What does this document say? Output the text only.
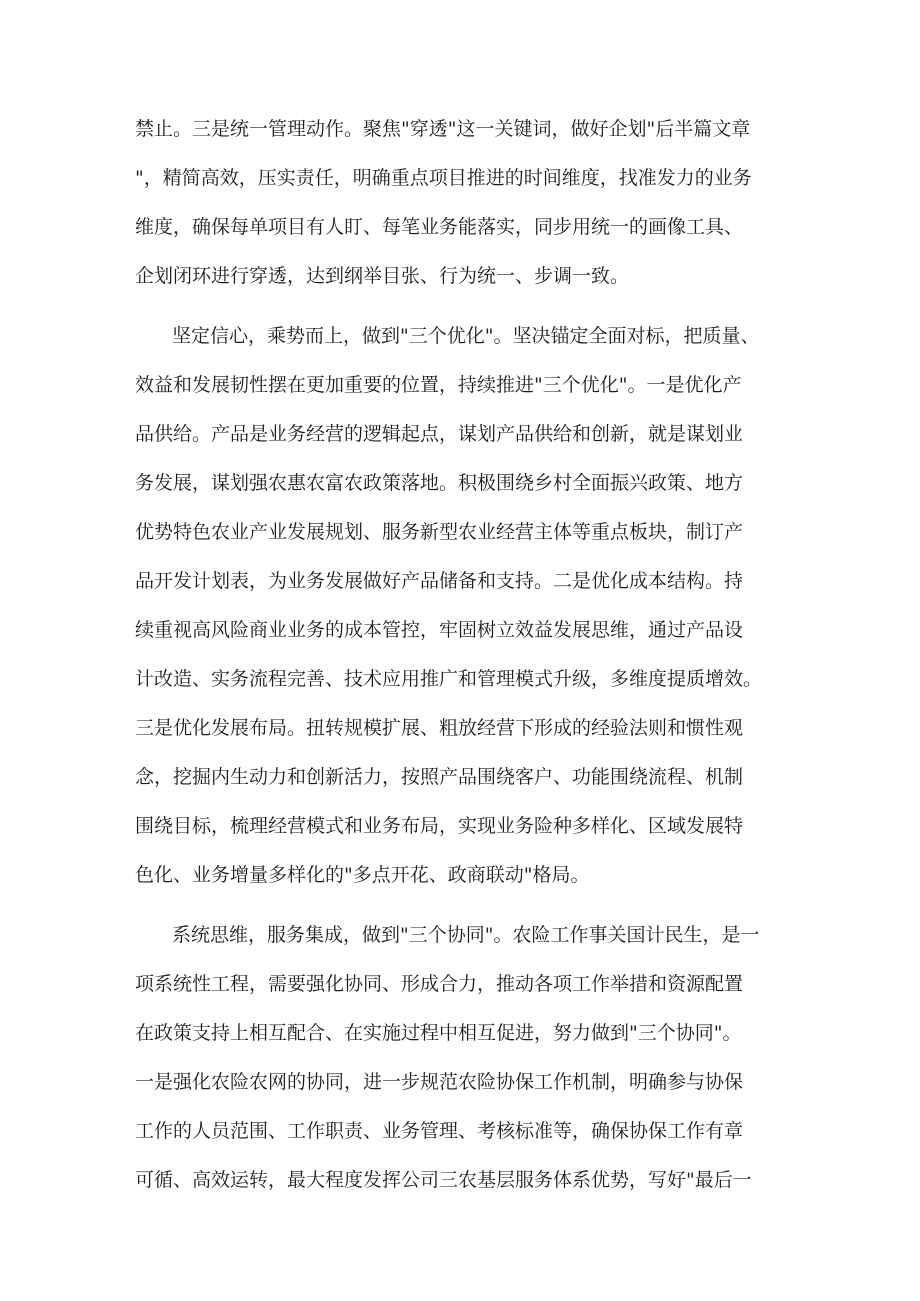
禁止。三是统一管理动作。聚焦"穿透"这一关键词，做好企划"后半篇文章
"，精简高效，压实责任，明确重点项目推进的时间维度，找准发力的业务
维度，确保每单项目有人盯、每笔业务能落实，同步用统一的画像工具、
企划闭环进行穿透，达到纲举目张、行为统一、步调一致。
坚定信心，乘势而上，做到"三个优化"。坚决锚定全面对标，把质量、
效益和发展韧性摆在更加重要的位置，持续推进"三个优化"。一是优化产
品供给。产品是业务经营的逻辑起点，谋划产品供给和创新，就是谋划业
务发展，谋划强农惠农富农政策落地。积极围绕乡村全面振兴政策、地方
优势特色农业产业发展规划、服务新型农业经营主体等重点板块，制订产
品开发计划表，为业务发展做好产品储备和支持。二是优化成本结构。持
续重视高风险商业业务的成本管控，牢固树立效益发展思维，通过产品设
计改造、实务流程完善、技术应用推广和管理模式升级，多维度提质增效。
三是优化发展布局。扭转规模扩展、粗放经营下形成的经验法则和惯性观
念，挖掘内生动力和创新活力，按照产品围绕客户、功能围绕流程、机制
围绕目标，梳理经营模式和业务布局，实现业务险种多样化、区域发展特
色化、业务增量多样化的"多点开花、政商联动"格局。
系统思维，服务集成，做到"三个协同"。农险工作事关国计民生，是一
项系统性工程，需要强化协同、形成合力，推动各项工作举措和资源配置
在政策支持上相互配合、在实施过程中相互促进，努力做到"三个协同"。
一是强化农险农网的协同，进一步规范农险协保工作机制，明确参与协保
工作的人员范围、工作职责、业务管理、考核标准等，确保协保工作有章
可循、高效运转，最大程度发挥公司三农基层服务体系优势，写好"最后一
